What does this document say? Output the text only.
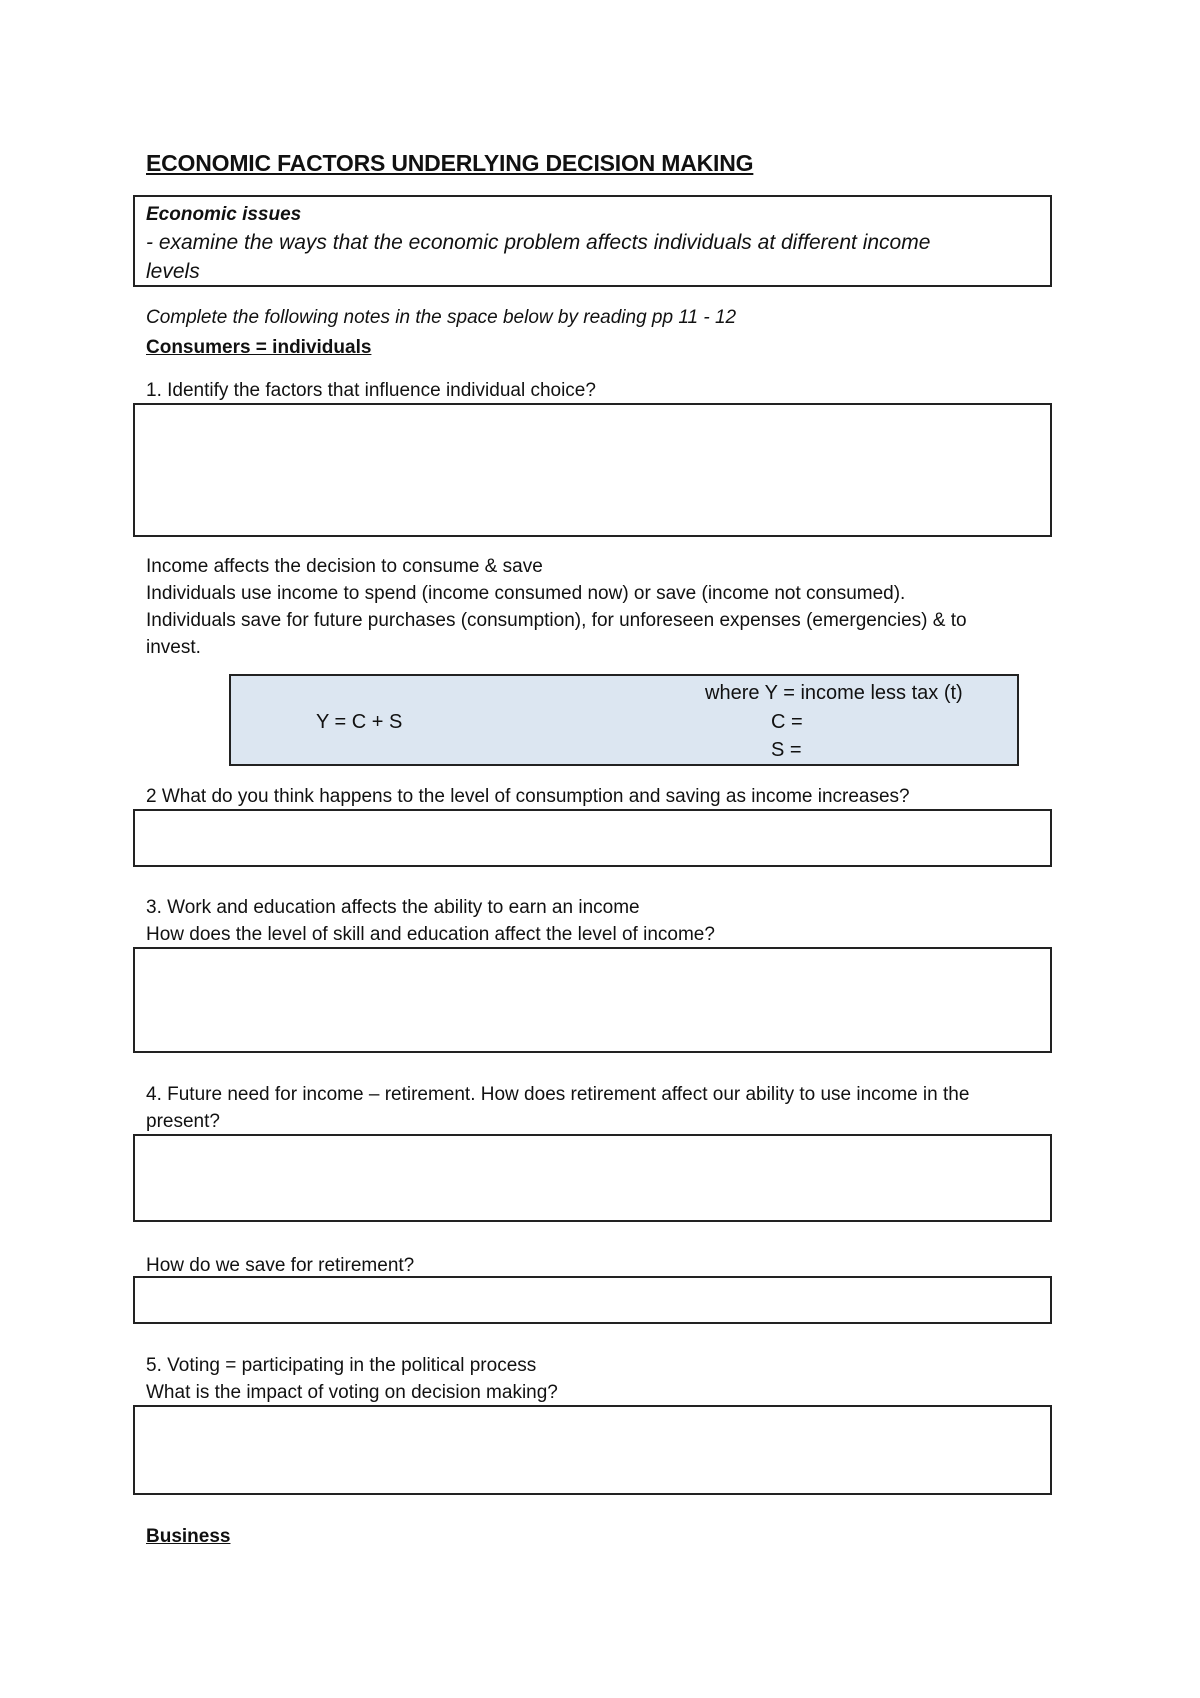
ECONOMIC FACTORS UNDERLYING DECISION MAKING
Economic issues
- examine the ways that the economic problem affects individuals at different income
levels
Complete the following notes in the space below by reading pp 11 - 12
Consumers = individuals
1. Identify the factors that influence individual choice?
Income affects the decision to consume & save
Individuals use income to spend (income consumed now) or save (income not consumed).
Individuals save for future purchases (consumption), for unforeseen expenses (emergencies) & to
invest.
where Y = income less tax (t)
Y = C + S	C =
S =
2 What do you think happens to the level of consumption and saving as income increases?
3. Work and education affects the ability to earn an income
How does the level of skill and education affect the level of income?
4. Future need for income – retirement. How does retirement affect our ability to use income in the
present?
How do we save for retirement?
5. Voting = participating in the political process
What is the impact of voting on decision making?
Business
